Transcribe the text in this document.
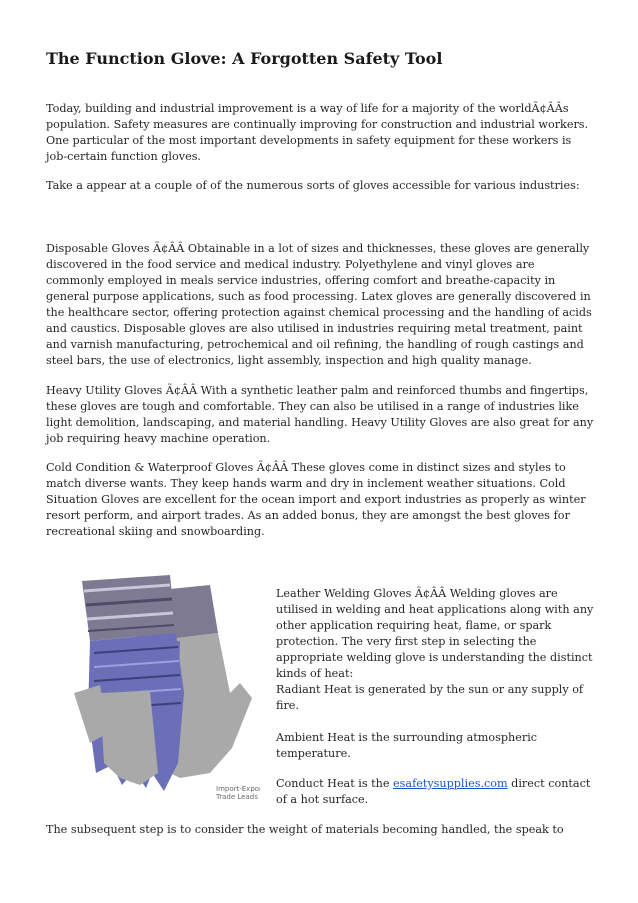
The Function Glove: A Forgotten Safety Tool

Today, building and industrial improvement is a way of life for a majority of the worldÃ¢ÂÂs population. Safety measures are continually improving for construction and industrial workers. One particular of the most important developments in safety equipment for these workers is job-certain function gloves.

Take a appear at a couple of of the numerous sorts of gloves accessible for various industries:

Disposable Gloves Ã¢ÂÂ Obtainable in a lot of sizes and thicknesses, these gloves are generally discovered in the food service and medical industry. Polyethylene and vinyl gloves are commonly employed in meals service industries, offering comfort and breathe-capacity in general purpose applications, such as food processing. Latex gloves are generally discovered in the healthcare sector, offering protection against chemical processing and the handling of acids and caustics. Disposable gloves are also utilised in industries requiring metal treatment, paint and varnish manufacturing, petrochemical and oil refining, the handling of rough castings and steel bars, the use of electronics, light assembly, inspection and high quality manage.

Heavy Utility Gloves Ã¢ÂÂ With a synthetic leather palm and reinforced thumbs and fingertips, these gloves are tough and comfortable. They can also be utilised in a range of industries like light demolition, landscaping, and material handling. Heavy Utility Gloves are also great for any job requiring heavy machine operation.

Cold Condition & Waterproof Gloves Ã¢ÂÂ These gloves come in distinct sizes and styles to match diverse wants. They keep hands warm and dry in inclement weather situations. Cold Situation Gloves are excellent for the ocean import and export industries as properly as winter resort perform, and airport trades. As an added bonus, they are amongst the best gloves for recreational skiing and snowboarding.

Import-Export
Trade Leads

Leather Welding Gloves Ã¢ÂÂ Welding gloves are utilised in welding and heat applications along with any other application requiring heat, flame, or spark protection. The very first step in selecting the appropriate welding glove is understanding the distinct kinds of heat:

Radiant Heat is generated by the sun or any supply of fire.

Ambient Heat is the surrounding atmospheric temperature.

Conduct Heat is the esafetysupplies.com direct contact of a hot surface.

The subsequent step is to consider the weight of materials becoming handled, the speak to
